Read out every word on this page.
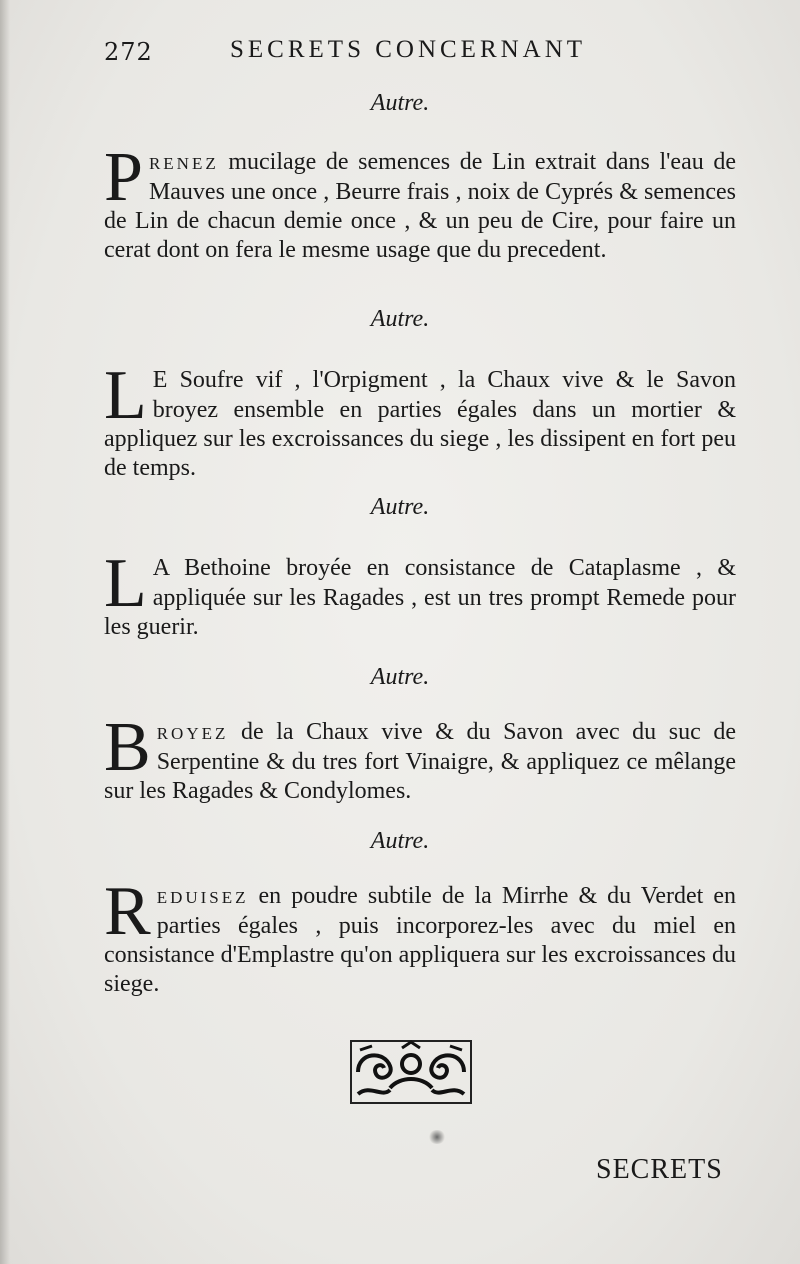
272	SECRETS CONCERNANT
Autre.
PRENEZ mucilage de semences de Lin extrait dans l'eau de Mauves une once , Beurre frais , noix de Cyprés & semences de Lin de chacun demie once , & un peu de Cire, pour faire un cerat dont on fera le mesme usage que du precedent.
Autre.
L E Soufre vif , l'Orpigment , la Chaux vive & le Savon broyez ensemble en parties égales dans un mortier & appliquez sur les excroissances du siege , les dissipent en fort peu de temps.
Autre.
L A Bethoine broyée en consistance de Cataplasme , & appliquée sur les Ragades , est un tres prompt Remede pour les guerir.
Autre.
BROYEZ de la Chaux vive & du Savon avec du suc de Serpentine & du tres fort Vinaigre, & appliquez ce mêlange sur les Ragades & Condylomes.
Autre.
REDUISEZ en poudre subtile de la Mirrhe & du Verdet en parties égales , puis incorporez-les avec du miel en consistance d'Emplastre qu'on appliquera sur les excroissances du siege.
SECRETS
